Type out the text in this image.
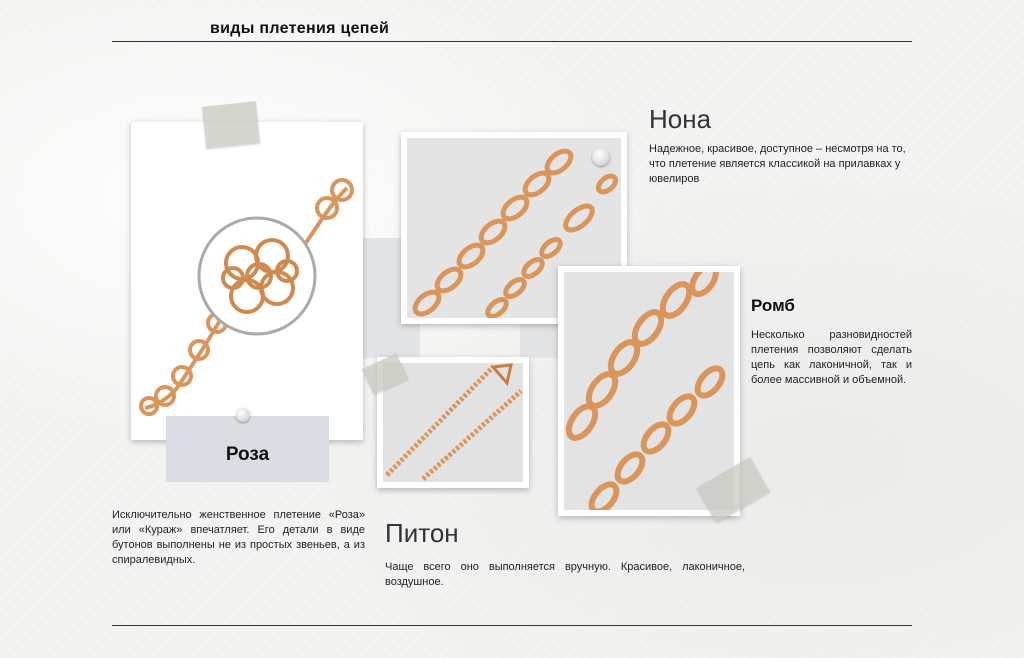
виды плетения цепей
Роза
Исключительно женственное плетение «Роза» или «Кураж» впечатляет. Его детали в виде бутонов выполнены не из простых звеньев, а из спиралевидных.
Нона
Надежное, красивое, доступное – несмотря на то, что плетение является классикой на прилавках у ювелиров
Питон
Чаще всего оно выполняется вручную. Красивое, лаконичное, воздушное.
Ромб
Несколько разновидностей плетения позволяют сделать цепь как лаконичной, так и более массивной и объемной.
